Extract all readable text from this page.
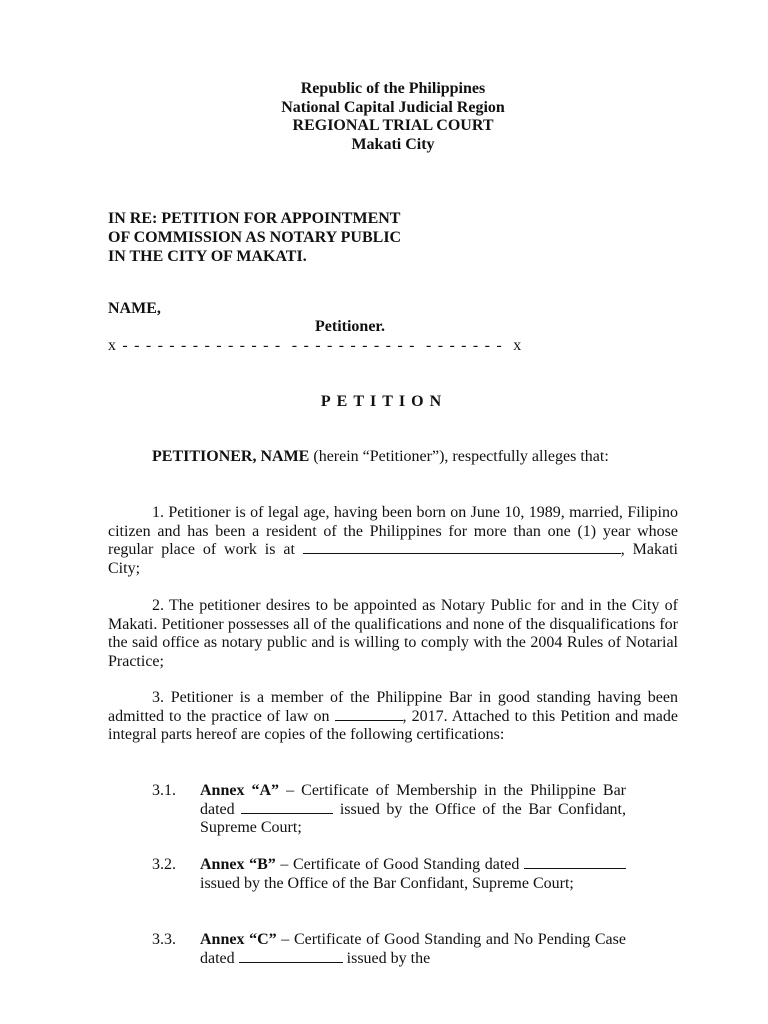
Republic of the Philippines
National Capital Judicial Region
REGIONAL TRIAL COURT
Makati City
IN RE: PETITION FOR APPOINTMENT
OF COMMISSION AS NOTARY PUBLIC
IN THE CITY OF MAKATI.
NAME,
Petitioner.
x - - - - - - - - - - - - - -  - - - - - - - - - - -  - - - - - - -  x
PETITION

PETITIONER, NAME (herein “Petitioner”), respectfully alleges that:

1. Petitioner is of legal age, having been born on June 10, 1989, married, Filipino citizen and has been a resident of the Philippines for more than one (1) year whose regular place of work is at	, Makati City;

2. The petitioner desires to be appointed as Notary Public for and in the City of Makati. Petitioner possesses all of the qualifications and none of the disqualifications for the said office as notary public and is willing to comply with the 2004 Rules of Notarial Practice;

3. Petitioner is a member of the Philippine Bar in good standing having been admitted to the practice of law on	, 2017. Attached to this Petition and made integral parts hereof are copies of the following certifications:

3.1. Annex “A” – Certificate of Membership in the Philippine Bar dated	issued by the Office of the Bar Confidant, Supreme Court;
3.2. Annex “B” – Certificate of Good Standing dated  issued by the Office of the Bar Confidant, Supreme Court;
3.3. Annex “C” – Certificate of Good Standing and No Pending Case dated	issued by the
